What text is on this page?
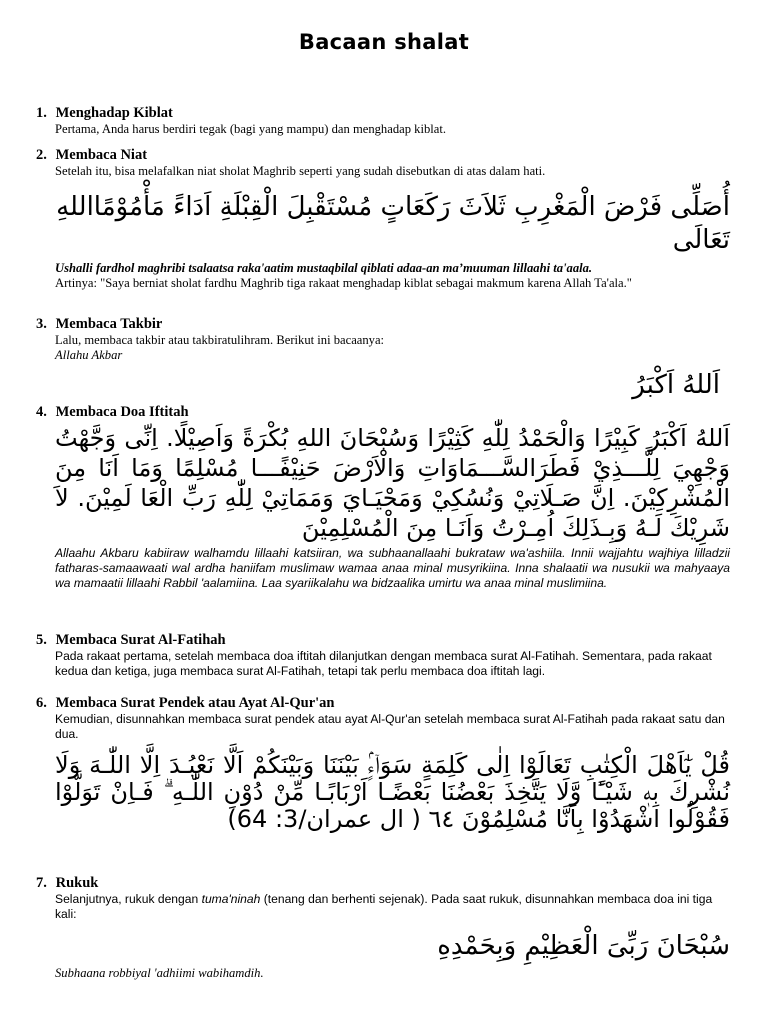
Bacaan shalat
1. Menghadap Kiblat
Pertama, Anda harus berdiri tegak (bagi yang mampu) dan menghadap kiblat.
2. Membaca Niat
Setelah itu, bisa melafalkan niat sholat Maghrib seperti yang sudah disebutkan di atas dalam hati.
أُصَلِّى فَرْضَ الْمَغْرِبِ ثَلاَثَ رَكَعَاتٍ مُسْتَقْبِلَ الْقِبْلَةِ اَدَاءً مَأْمُوْمًااللهِ تَعَالَى
Ushalli fardhol maghribi tsalaatsa raka'aatim mustaqbilal qiblati adaa-an ma’muuman lillaahi ta'aala.
Artinya: "Saya berniat sholat fardhu Maghrib tiga rakaat menghadap kiblat sebagai makmum karena Allah Ta'ala."
3. Membaca Takbir
Lalu, membaca takbir atau takbiratulihram. Berikut ini bacaanya:
Allahu Akbar
اَللهُ اَكْبَرُ
4. Membaca Doa Iftitah
اَللهُ اَكْبَرُ كَبِيْرًا وَالْحَمْدُ لِلّٰهِ كَثِيْرًا وَسُبْحَانَ اللهِ بُكْرَةً وَاَصِيْلًا. اِنِّى وَجَّهْتُ وَجْهِيَ لِلَّـــذِيْ فَطَرَالسَّـــمَاوَاتِ وَالْاَرْضَ حَنِيْفًـــا مُسْلِمًا وَمَا اَنَا مِنَ الْمُشْرِكِيْنَ. اِنَّ صَـلَاتِيْ وَنُسُكِيْ وَمَحْيَـايَ وَمَمَاتِيْ لِلّٰهِ رَبِّ الْعَا لَمِيْنَ. لاَ شَرِيْكَ لَـهُ وَبِـذَلِكَ اُمِـرْتُ وَاَنَـا مِنَ الْمُسْلِمِيْنَ
Allaahu Akbaru kabiiraw walhamdu lillaahi katsiiran, wa subhaanallaahi bukrataw wa'ashiila. Innii wajjahtu wajhiya lilladzii fatharas-samaawaati wal ardha haniifam muslimaw wamaa anaa minal musyrikiina. Inna shalaatii wa nusukii wa mahyaaya wa mamaatii lillaahi Rabbil 'aalamiina. Laa syariikalahu wa bidzaalika umirtu wa anaa minal muslimiina.
5. Membaca Surat Al-Fatihah
Pada rakaat pertama, setelah membaca doa iftitah dilanjutkan dengan membaca surat Al-Fatihah. Sementara, pada rakaat kedua dan ketiga, juga membaca surat Al-Fatihah, tetapi tak perlu membaca doa iftitah lagi.
6. Membaca Surat Pendek atau Ayat Al-Qur'an
Kemudian, disunnahkan membaca surat pendek atau ayat Al-Qur'an setelah membaca surat Al-Fatihah pada rakaat satu dan dua.
قُلْ يٰٓاَهْلَ الْكِتٰبِ تَعَالَوْا اِلٰى كَلِمَةٍ سَوَاۤءٍۢ بَيْنَنَا وَبَيْنَكُمْ اَلَّا نَعْبُـدَ اِلَّا اللّٰـهَ وَلَا نُشْرِكَ بِهٖ شَيْـًٔا وَّلَا يَتَّخِذَ بَعْضُنَا بَعْضًـا اَرْبَابًـا مِّنْ دُوْنِ اللّٰـهِ ۗ فَـاِنْ تَوَلَّوْا فَقُوْلُوا اشْهَدُوْا بِاَنَّا مُسْلِمُوْنَ ٦٤ ( ال عمران/3: 64)
7. Rukuk
Selanjutnya, rukuk dengan tuma'ninah (tenang dan berhenti sejenak). Pada saat rukuk, disunnahkan membaca doa ini tiga kali:
سُبْحَانَ رَبِّىَ الْعَظِيْمِ وَبِحَمْدِهِ
Subhaana robbiyal 'adhiimi wabihamdih.
